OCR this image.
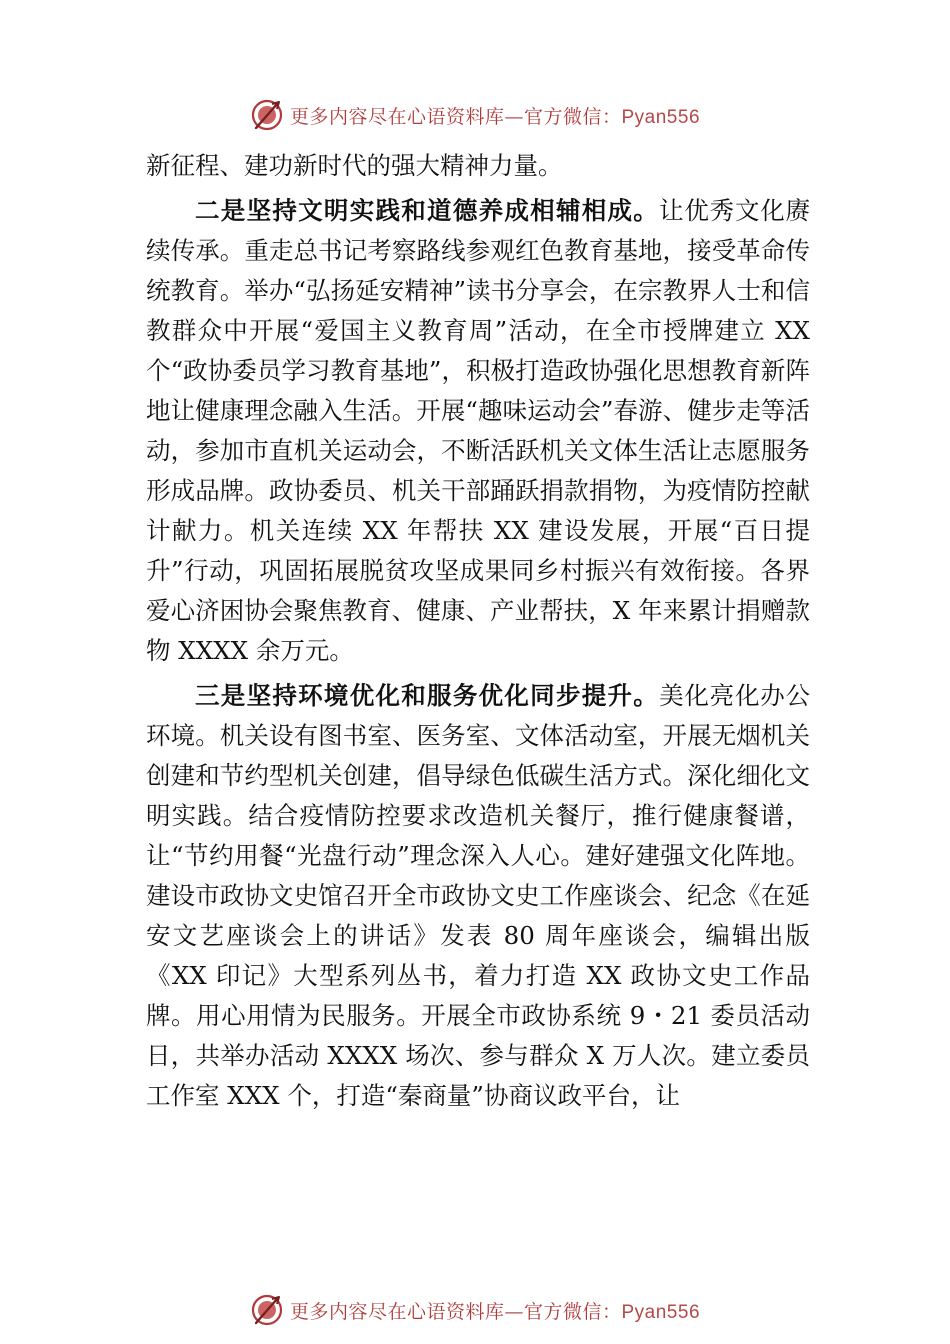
更多内容尽在心语资料库—官方微信：Pyan556

新征程、建功新时代的强大精神力量。

二是坚持文明实践和道德养成相辅相成。让优秀文化赓续传承。重走总书记考察路线参观红色教育基地，接受革命传统教育。举办“弘扬延安精神”读书分享会，在宗教界人士和信教群众中开展“爱国主义教育周”活动，在全市授牌建立 XX 个“政协委员学习教育基地”，积极打造政协强化思想教育新阵地让健康理念融入生活。开展“趣味运动会”春游、健步走等活动，参加市直机关运动会，不断活跃机关文体生活让志愿服务形成品牌。政协委员、机关干部踊跃捐款捐物，为疫情防控献计献力。机关连续 XX 年帮扶 XX 建设发展，开展“百日提升”行动，巩固拓展脱贫攻坚成果同乡村振兴有效衔接。各界爱心济困协会聚焦教育、健康、产业帮扶，X 年来累计捐赠款物 XXXX 余万元。

三是坚持环境优化和服务优化同步提升。美化亮化办公环境。机关设有图书室、医务室、文体活动室，开展无烟机关创建和节约型机关创建，倡导绿色低碳生活方式。深化细化文明实践。结合疫情防控要求改造机关餐厅，推行健康餐谱，让“节约用餐“光盘行动”理念深入人心。建好建强文化阵地。建设市政协文史馆召开全市政协文史工作座谈会、纪念《在延安文艺座谈会上的讲话》发表 80 周年座谈会，编辑出版《XX 印记》大型系列丛书，着力打造 XX 政协文史工作品牌。用心用情为民服务。开展全市政协系统 9・21 委员活动日，共举办活动 XXXX 场次、参与群众 X 万人次。建立委员工作室 XXX 个，打造“秦商量”协商议政平台，让

更多内容尽在心语资料库—官方微信：Pyan556
